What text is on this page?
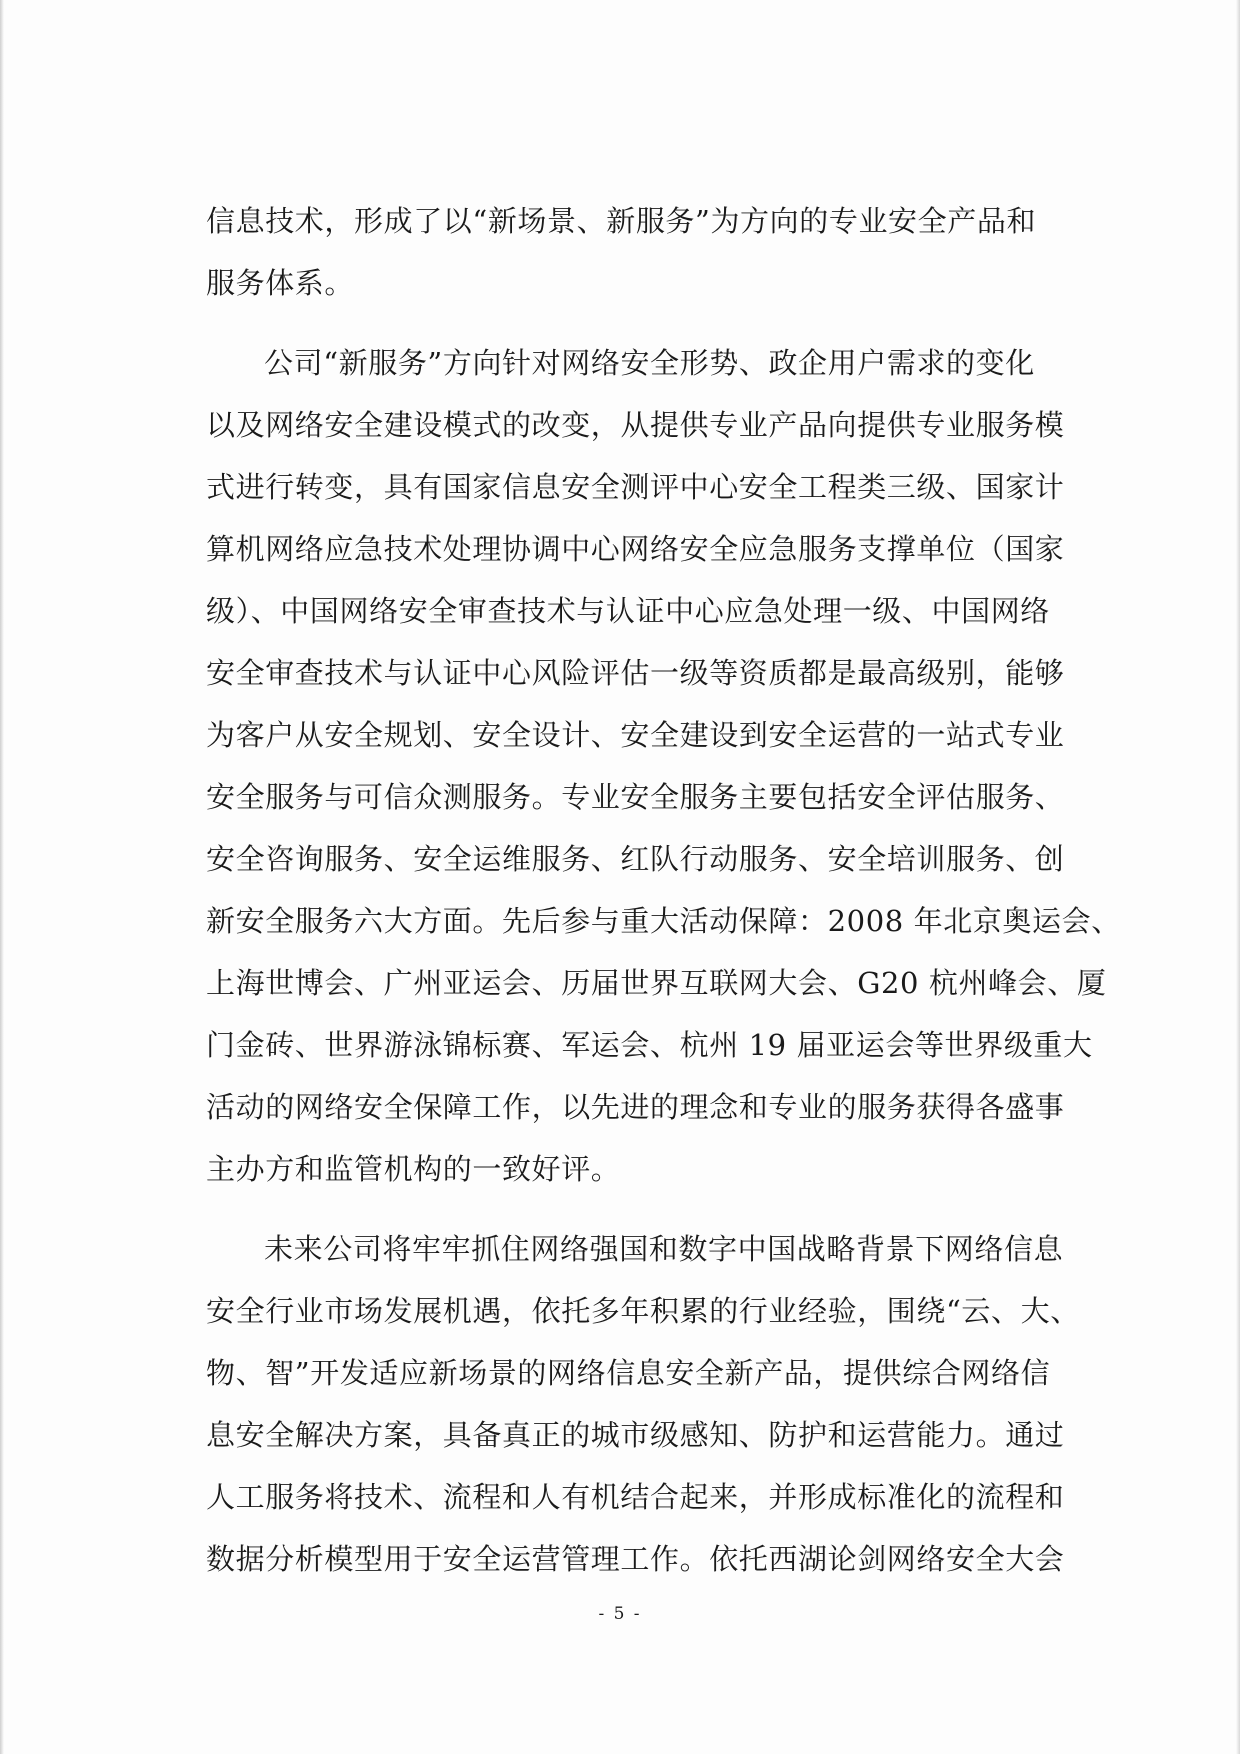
信息技术，形成了以“新场景、新服务”为方向的专业安全产品和
服务体系。
公司“新服务”方向针对网络安全形势、政企用户需求的变化
以及网络安全建设模式的改变，从提供专业产品向提供专业服务模
式进行转变，具有国家信息安全测评中心安全工程类三级、国家计
算机网络应急技术处理协调中心网络安全应急服务支撑单位（国家
级）、中国网络安全审查技术与认证中心应急处理一级、中国网络
安全审查技术与认证中心风险评估一级等资质都是最高级别，能够
为客户从安全规划、安全设计、安全建设到安全运营的一站式专业
安全服务与可信众测服务。专业安全服务主要包括安全评估服务、
安全咨询服务、安全运维服务、红队行动服务、安全培训服务、创
新安全服务六大方面。先后参与重大活动保障：2008 年北京奥运会、
上海世博会、广州亚运会、历届世界互联网大会、G20 杭州峰会、厦
门金砖、世界游泳锦标赛、军运会、杭州 19 届亚运会等世界级重大
活动的网络安全保障工作，以先进的理念和专业的服务获得各盛事
主办方和监管机构的一致好评。
未来公司将牢牢抓住网络强国和数字中国战略背景下网络信息
安全行业市场发展机遇，依托多年积累的行业经验，围绕“云、大、
物、智”开发适应新场景的网络信息安全新产品，提供综合网络信
息安全解决方案，具备真正的城市级感知、防护和运营能力。通过
人工服务将技术、流程和人有机结合起来，并形成标准化的流程和
数据分析模型用于安全运营管理工作。依托西湖论剑网络安全大会
- 5 -
